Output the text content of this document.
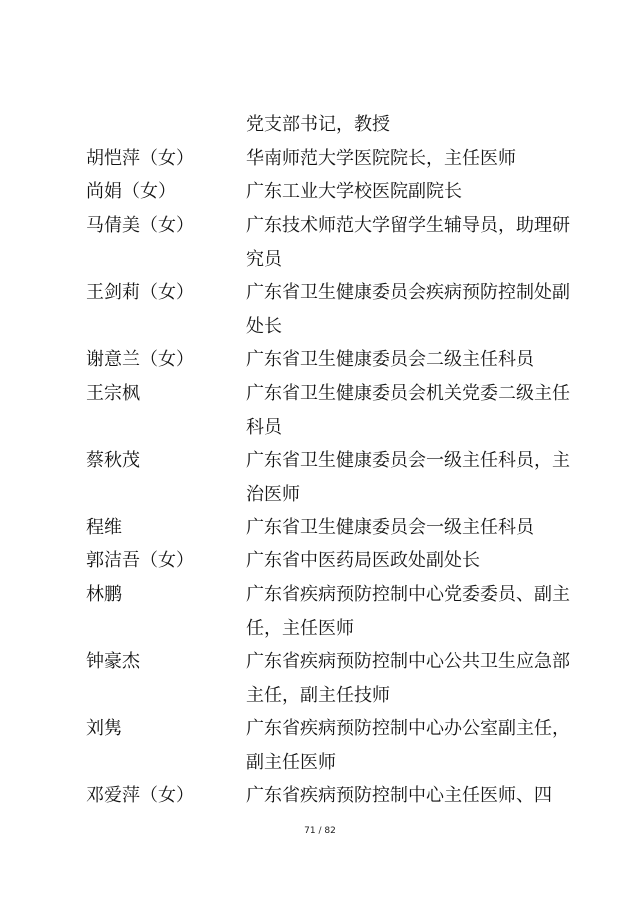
党支部书记，教授
胡恺萍（女）	华南师范大学医院院长，主任医师
尚娟（女）	广东工业大学校医院副院长
马倩美（女）	广东技术师范大学留学生辅导员，助理研
究员
王剑莉（女）	广东省卫生健康委员会疾病预防控制处副
处长
谢意兰（女）	广东省卫生健康委员会二级主任科员
王宗枫	广东省卫生健康委员会机关党委二级主任
科员
蔡秋茂	广东省卫生健康委员会一级主任科员，主
治医师
程维	广东省卫生健康委员会一级主任科员
郭洁吾（女）	广东省中医药局医政处副处长
林鹏	广东省疾病预防控制中心党委委员、副主
任，主任医师
钟豪杰	广东省疾病预防控制中心公共卫生应急部
主任，副主任技师
刘隽	广东省疾病预防控制中心办公室副主任，
副主任医师
邓爱萍（女）	广东省疾病预防控制中心主任医师、四
71 / 82
